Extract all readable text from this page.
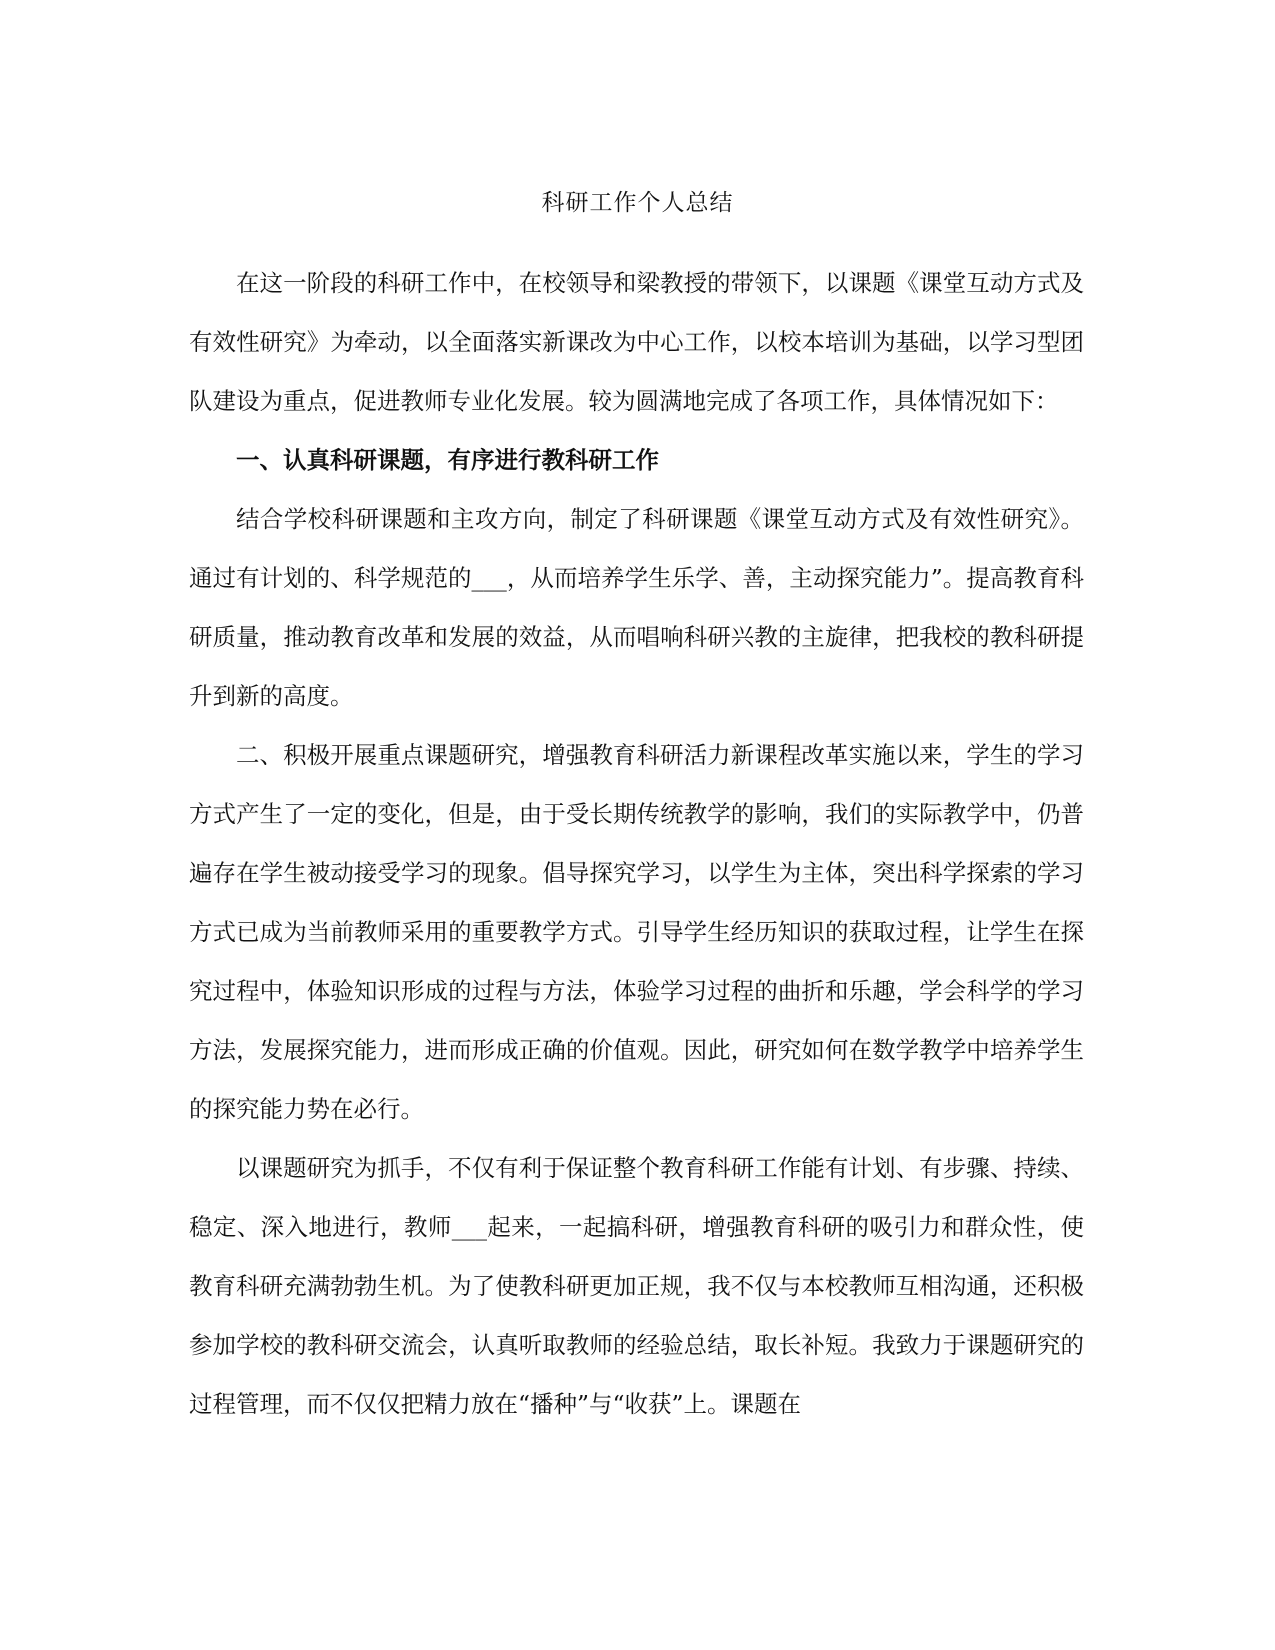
科研工作个人总结

在这一阶段的科研工作中，在校领导和梁教授的带领下，以课题《课堂互动方式及有效性研究》为牵动，以全面落实新课改为中心工作，以校本培训为基础，以学习型团队建设为重点，促进教师专业化发展。较为圆满地完成了各项工作，具体情况如下：

一、认真科研课题，有序进行教科研工作

结合学校科研课题和主攻方向，制定了科研课题《课堂互动方式及有效性研究》。通过有计划的、科学规范的___，从而培养学生乐学、善，主动探究能力”。提高教育科研质量，推动教育改革和发展的效益，从而唱响科研兴教的主旋律，把我校的教科研提升到新的高度。

二、积极开展重点课题研究，增强教育科研活力新课程改革实施以来，学生的学习方式产生了一定的变化，但是，由于受长期传统教学的影响，我们的实际教学中，仍普遍存在学生被动接受学习的现象。倡导探究学习，以学生为主体，突出科学探索的学习方式已成为当前教师采用的重要教学方式。引导学生经历知识的获取过程，让学生在探究过程中，体验知识形成的过程与方法，体验学习过程的曲折和乐趣，学会科学的学习方法，发展探究能力，进而形成正确的价值观。因此，研究如何在数学教学中培养学生的探究能力势在必行。

以课题研究为抓手，不仅有利于保证整个教育科研工作能有计划、有步骤、持续、稳定、深入地进行，教师___起来，一起搞科研，增强教育科研的吸引力和群众性，使教育科研充满勃勃生机。为了使教科研更加正规，我不仅与本校教师互相沟通，还积极参加学校的教科研交流会，认真听取教师的经验总结，取长补短。我致力于课题研究的过程管理，而不仅仅把精力放在“播种”与“收获”上。课题在
